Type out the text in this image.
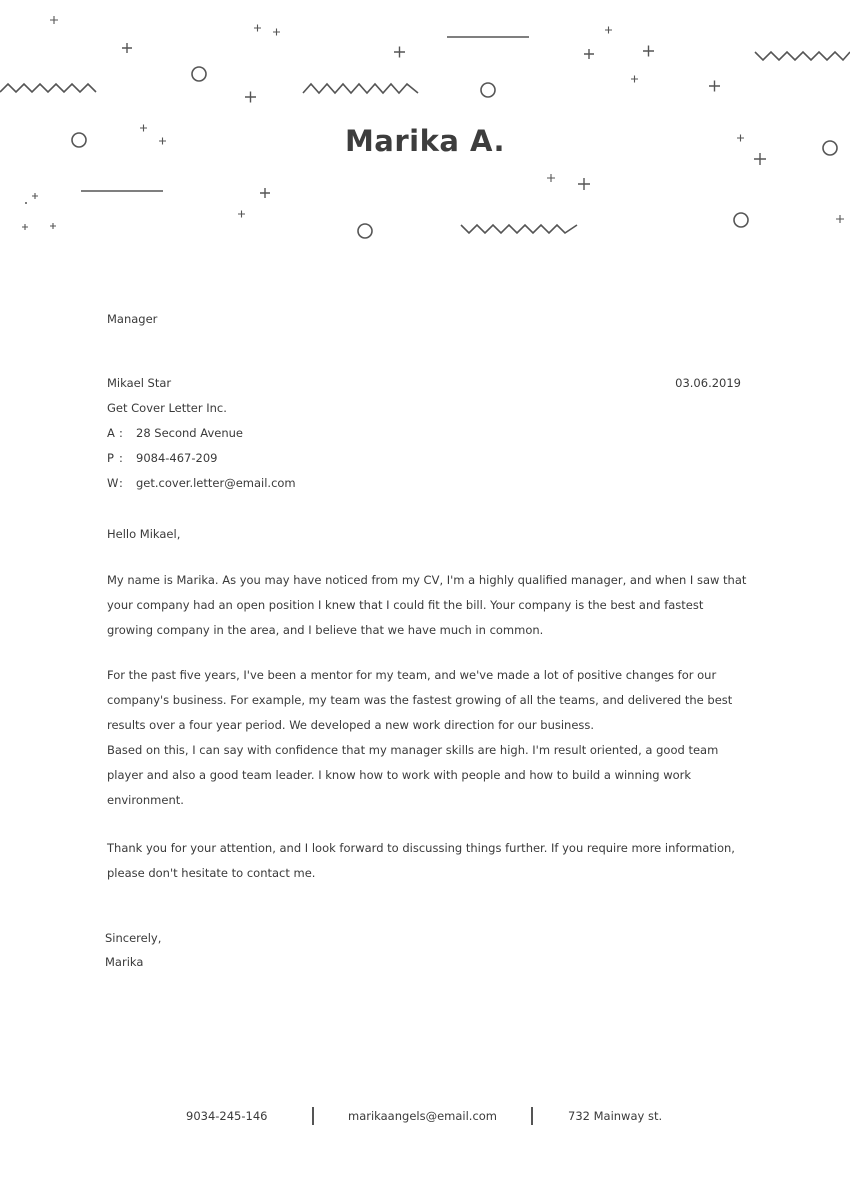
Marika A.
Manager
Mikael Star	03.06.2019
Get Cover Letter Inc.
A : 28 Second Avenue
P : 9084-467-209
W: get.cover.letter@email.com
Hello Mikael,
My name is Marika. As you may have noticed from my CV, I'm a highly qualified manager, and when I saw that
your company had an open position I knew that I could fit the bill. Your company is the best and fastest
growing company in the area, and I believe that we have much in common.
For the past five years, I've been a mentor for my team, and we've made a lot of positive changes for our
company's business. For example, my team was the fastest growing of all the teams, and delivered the best
results over a four year period. We developed a new work direction for our business.
Based on this, I can say with confidence that my manager skills are high. I'm result oriented, a good team
player and also a good team leader. I know how to work with people and how to build a winning work
environment.
Thank you for your attention, and I look forward to discussing things further. If you require more information,
please don't hesitate to contact me.
Sincerely,
Marika
9034-245-146	marikaangels@email.com	732 Mainway st.
